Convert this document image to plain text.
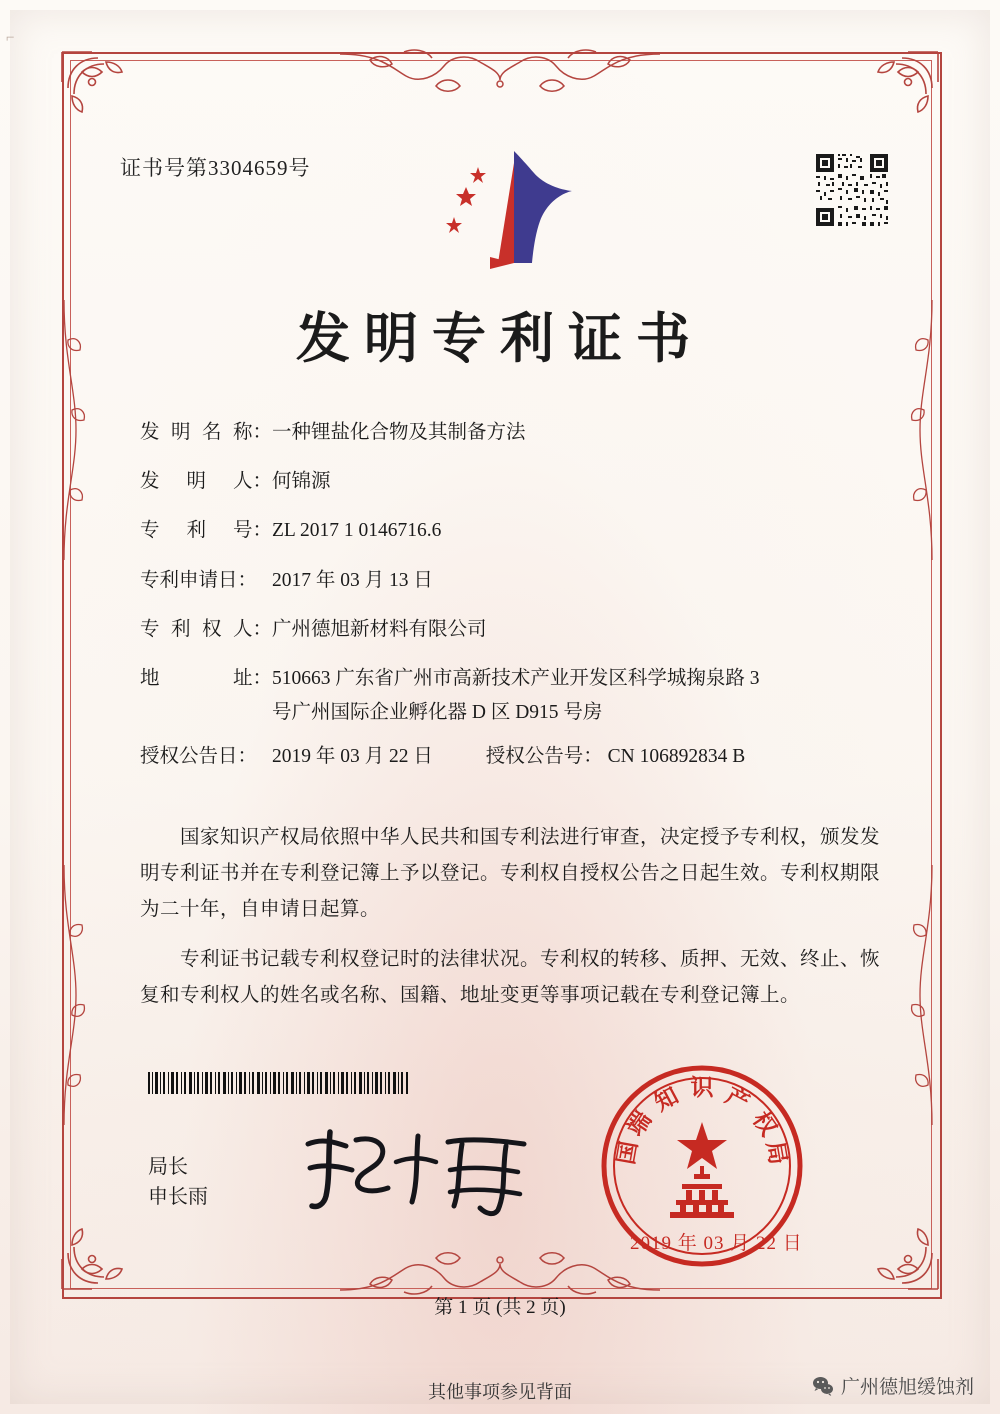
⌐
证书号第3304659号
发明专利证书
发 明 名 称： 一种锂盐化合物及其制备方法
发 明 人： 何锦源
专 利 号： ZL 2017 1 0146716.6
专利申请日： 2017 年 03 月 13 日
专 利 权 人： 广州德旭新材料有限公司
地	址： 510663 广东省广州市高新技术产业开发区科学城掬泉路 3
号广州国际企业孵化器 D 区 D915 号房
授权公告日： 2019 年 03 月 22 日	授权公告号： CN 106892834 B

国家知识产权局依照中华人民共和国专利法进行审查，决定授予专利权，颁发发明专利证书并在专利登记簿上予以登记。专利权自授权公告之日起生效。专利权期限为二十年，自申请日起算。

专利证书记载专利权登记时的法律状况。专利权的转移、质押、无效、终止、恢复和专利权人的姓名或名称、国籍、地址变更等事项记载在专利登记簿上。

局长
申长雨
知 识 产
权
局
端
国
2019 年 03 月 22 日
第 1 页 (共 2 页)
其他事项参见背面	广州德旭缓蚀剂
